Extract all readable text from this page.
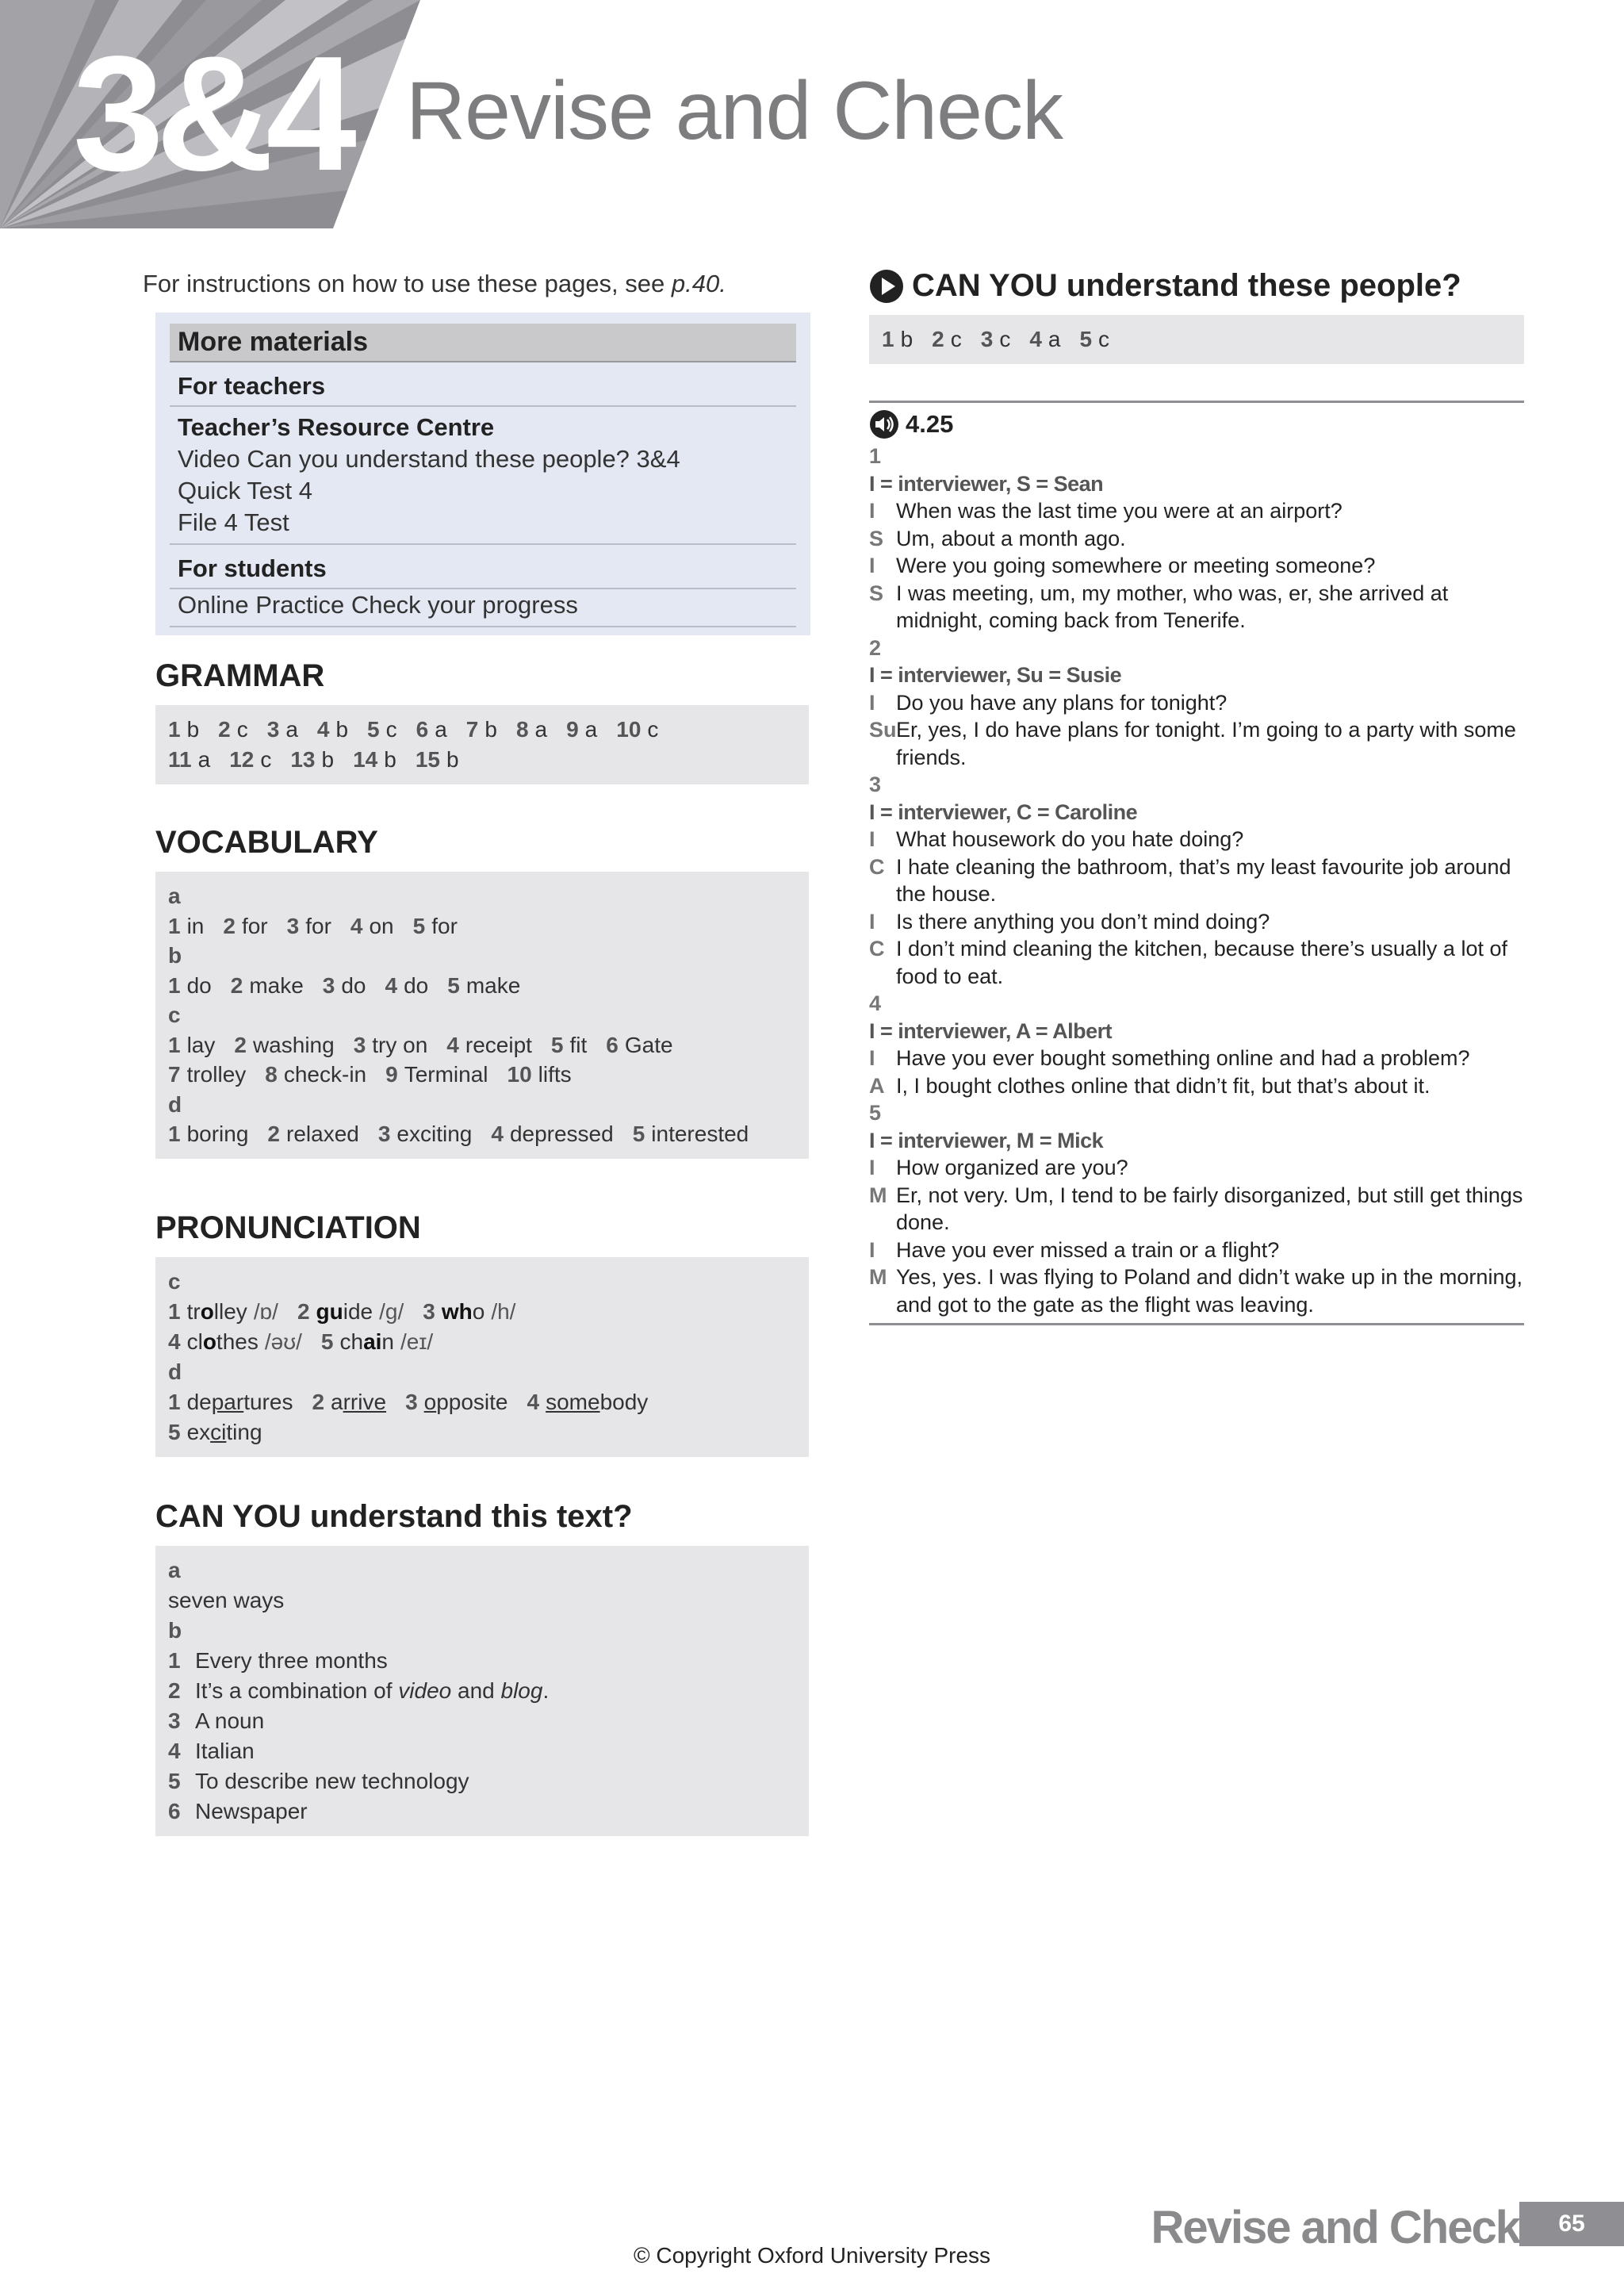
3&4 Revise and Check
For instructions on how to use these pages, see p.40.
More materials
For teachers
Teacher’s Resource Centre
Video Can you understand these people? 3&4
Quick Test 4
File 4 Test
For students
Online Practice Check your progress
GRAMMAR
1 b 2 c 3 a 4 b 5 c 6 a 7 b 8 a 9 a 10 c
11 a 12 c 13 b 14 b 15 b
VOCABULARY
a
1 in 2 for 3 for 4 on 5 for
b
1 do 2 make 3 do 4 do 5 make
c
1 lay 2 washing 3 try on 4 receipt 5 fit 6 Gate
7 trolley 8 check-in 9 Terminal 10 lifts
d
1 boring 2 relaxed 3 exciting 4 depressed 5 interested
PRONUNCIATION
c
1 trolley /ɒ/ 2 guide /ɡ/ 3 who /h/
4 clothes /əʊ/ 5 chain /eɪ/
d
1 departures 2 arrive 3 opposite 4 somebody
5 exciting
CAN YOU understand this text?
a
seven ways
b
1 Every three months
2 It’s a combination of video and blog.
3 A noun
4 Italian
5 To describe new technology
6 Newspaper
CAN YOU understand these people?
1 b 2 c 3 c 4 a 5 c
4.25
1
I = interviewer, S = Sean
I When was the last time you were at an airport?
S Um, about a month ago.
I Were you going somewhere or meeting someone?
S I was meeting, um, my mother, who was, er, she arrived at midnight, coming back from Tenerife.
2
I = interviewer, Su = Susie
I Do you have any plans for tonight?
Su Er, yes, I do have plans for tonight. I’m going to a party with some friends.
3
I = interviewer, C = Caroline
I What housework do you hate doing?
C I hate cleaning the bathroom, that’s my least favourite job around the house.
I Is there anything you don’t mind doing?
C I don’t mind cleaning the kitchen, because there’s usually a lot of food to eat.
4
I = interviewer, A = Albert
I Have you ever bought something online and had a problem?
A I, I bought clothes online that didn’t fit, but that’s about it.
5
I = interviewer, M = Mick
I How organized are you?
M Er, not very. Um, I tend to be fairly disorganized, but still get things done.
I Have you ever missed a train or a flight?
M Yes, yes. I was flying to Poland and didn’t wake up in the morning, and got to the gate as the flight was leaving.
Revise and Check	65
© Copyright Oxford University Press
